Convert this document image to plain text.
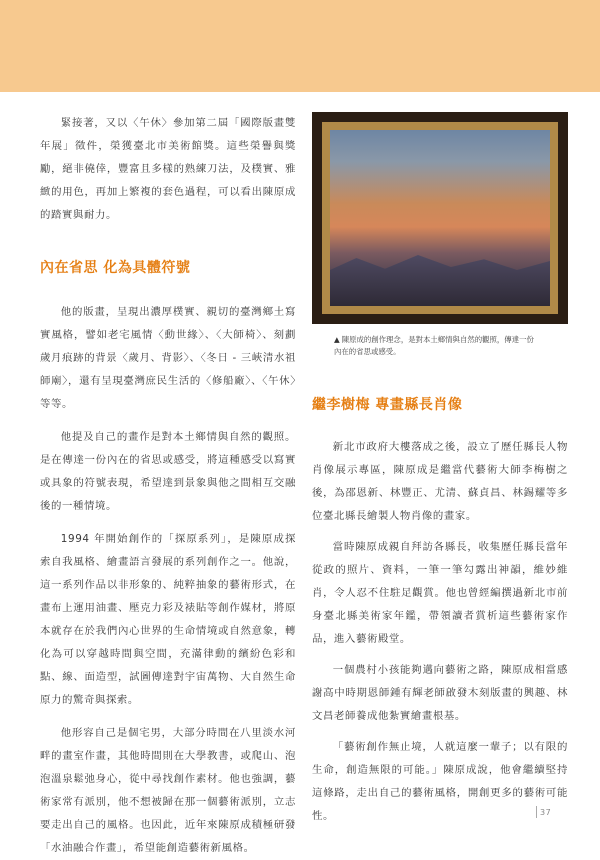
緊接著，又以〈午休〉參加第二屆「國際版畫雙年展」徵件，榮獲臺北市美術館獎。這些榮譽與獎勵，絕非僥倖，豐富且多樣的熟練刀法，及樸實、雅緻的用色，再加上繁複的套色過程，可以看出陳原成的踏實與耐力。

內在省思 化為具體符號

他的版畫，呈現出濃厚樸實、親切的臺灣鄉土寫實風格，譬如老宅風情〈動世緣〉、〈大師椅〉、刻劃歲月痕跡的背景〈歲月、背影〉、〈冬日 - 三峽清水祖師廟〉，還有呈現臺灣庶民生活的〈修船廠〉、〈午休〉等等。

他提及自己的畫作是對本土鄉情與自然的觀照。是在傳達一份內在的省思或感受，將這種感受以寫實或具象的符號表現，希望達到景象與他之間相互交融後的一種情境。

1994 年開始創作的「探原系列」，是陳原成探索自我風格、繪畫語言發展的系列創作之一。他說，這一系列作品以非形象的、純粹抽象的藝術形式，在畫布上運用油畫、壓克力彩及裱貼等創作媒材，將原本就存在於我們內心世界的生命情境或自然意象，轉化為可以穿越時間與空間，充滿律動的繽紛色彩和點、線、面造型，試圖傳達對宇宙萬物、大自然生命原力的驚奇與探索。

他形容自己是個宅男，大部分時間在八里淡水河畔的畫室作畫，其他時間則在大學教書，或爬山、泡泡溫泉鬆弛身心，從中尋找創作素材。他也強調，藝術家常有派別，他不想被歸在那一個藝術派別，立志要走出自己的風格。也因此，近年來陳原成積極研發「水油融合作畫」，希望能創造藝術新風格。

▲ 陳原成的創作理念，是對本土鄉情與自然的觀照，傳達一份內在的省思或感受。
繼李樹梅 專畫縣長肖像

新北市政府大樓落成之後，設立了歷任縣長人物肖像展示專區，陳原成是繼當代藝術大師李梅樹之後，為邵恩新、林豐正、尤清、蘇貞昌、林錫耀等多位臺北縣長繪製人物肖像的畫家。

當時陳原成親自拜訪各縣長，收集歷任縣長當年從政的照片、資料，一筆一筆勾露出神韻，維妙維肖，令人忍不住駐足觀賞。他也曾經編撰過新北市前身臺北縣美術家年鑑，帶領讀者賞析這些藝術家作品，進入藝術殿堂。

一個農村小孩能夠邁向藝術之路，陳原成相當感謝高中時期恩師鍾有輝老師啟發木刻版畫的興趣、林文昌老師養成他紮實繪畫根基。

「藝術創作無止境，人就這麼一輩子；以有限的生命，創造無限的可能。」陳原成說，他會繼續堅持這條路，走出自己的藝術風格，開創更多的藝術可能性。	37
